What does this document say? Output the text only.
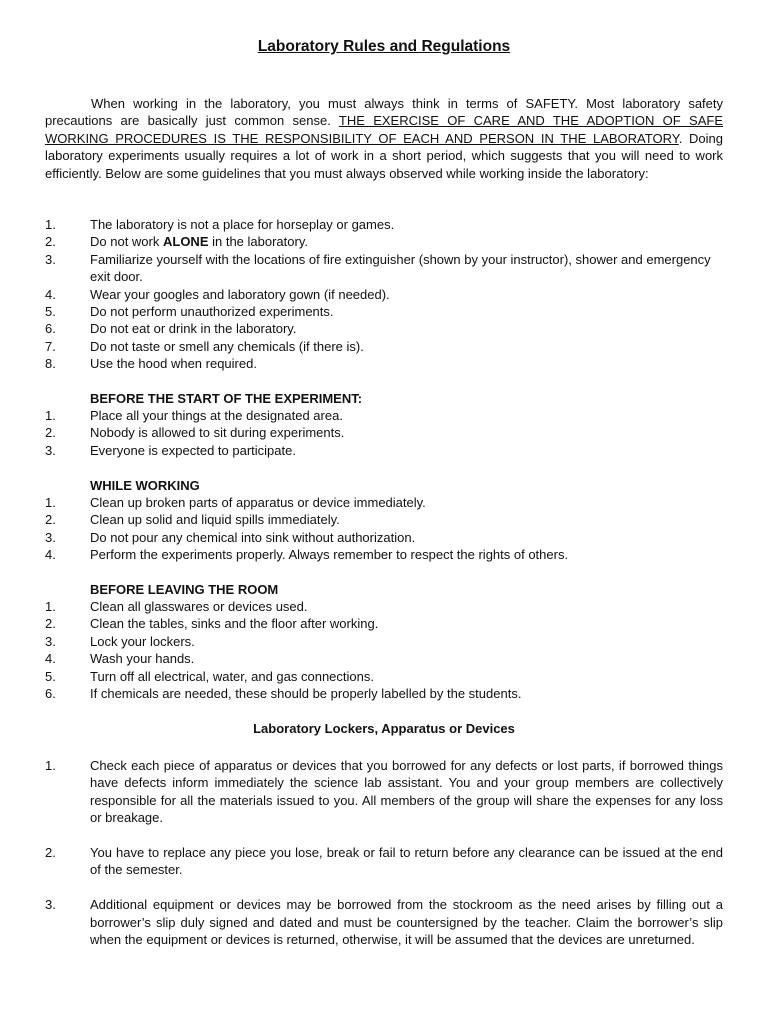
Laboratory Rules and Regulations

When working in the laboratory, you must always think in terms of SAFETY. Most laboratory safety precautions are basically just common sense. THE EXERCISE OF CARE AND THE ADOPTION OF SAFE WORKING PROCEDURES IS THE RESPONSIBILITY OF EACH AND PERSON IN THE LABORATORY. Doing laboratory experiments usually requires a lot of work in a short period, which suggests that you will need to work efficiently. Below are some guidelines that you must always observed while working inside the laboratory:

1.	The laboratory is not a place for horseplay or games.
2.	Do not work ALONE in the laboratory.
3.	Familiarize yourself with the locations of fire extinguisher (shown by your instructor), shower and emergency exit door.
4.	Wear your googles and laboratory gown (if needed).
5.	Do not perform unauthorized experiments.
6.	Do not eat or drink in the laboratory.
7.	Do not taste or smell any chemicals (if there is).
8.	Use the hood when required.

BEFORE THE START OF THE EXPERIMENT:

1.	Place all your things at the designated area.
2.	Nobody is allowed to sit during experiments.
3.	Everyone is expected to participate.

WHILE WORKING

1.	Clean up broken parts of apparatus or device immediately.
2.	Clean up solid and liquid spills immediately.
3.	Do not pour any chemical into sink without authorization.
4.	Perform the experiments properly. Always remember to respect the rights of others.

BEFORE LEAVING THE ROOM

1.	Clean all glasswares or devices used.
2.	Clean the tables, sinks and the floor after working.
3.	Lock your lockers.
4.	Wash your hands.
5.	Turn off all electrical, water, and gas connections.
6.	If chemicals are needed, these should be properly labelled by the students.

Laboratory Lockers, Apparatus or Devices

1.	Check each piece of apparatus or devices that you borrowed for any defects or lost parts, if borrowed things have defects inform immediately the science lab assistant. You and your group members are collectively responsible for all the materials issued to you. All members of the group will share the expenses for any loss or breakage.
2.	You have to replace any piece you lose, break or fail to return before any clearance can be issued at the end of the semester.
3.	Additional equipment or devices may be borrowed from the stockroom as the need arises by filling out a borrower’s slip duly signed and dated and must be countersigned by the teacher. Claim the borrower’s slip when the equipment or devices is returned, otherwise, it will be assumed that the devices are unreturned.
